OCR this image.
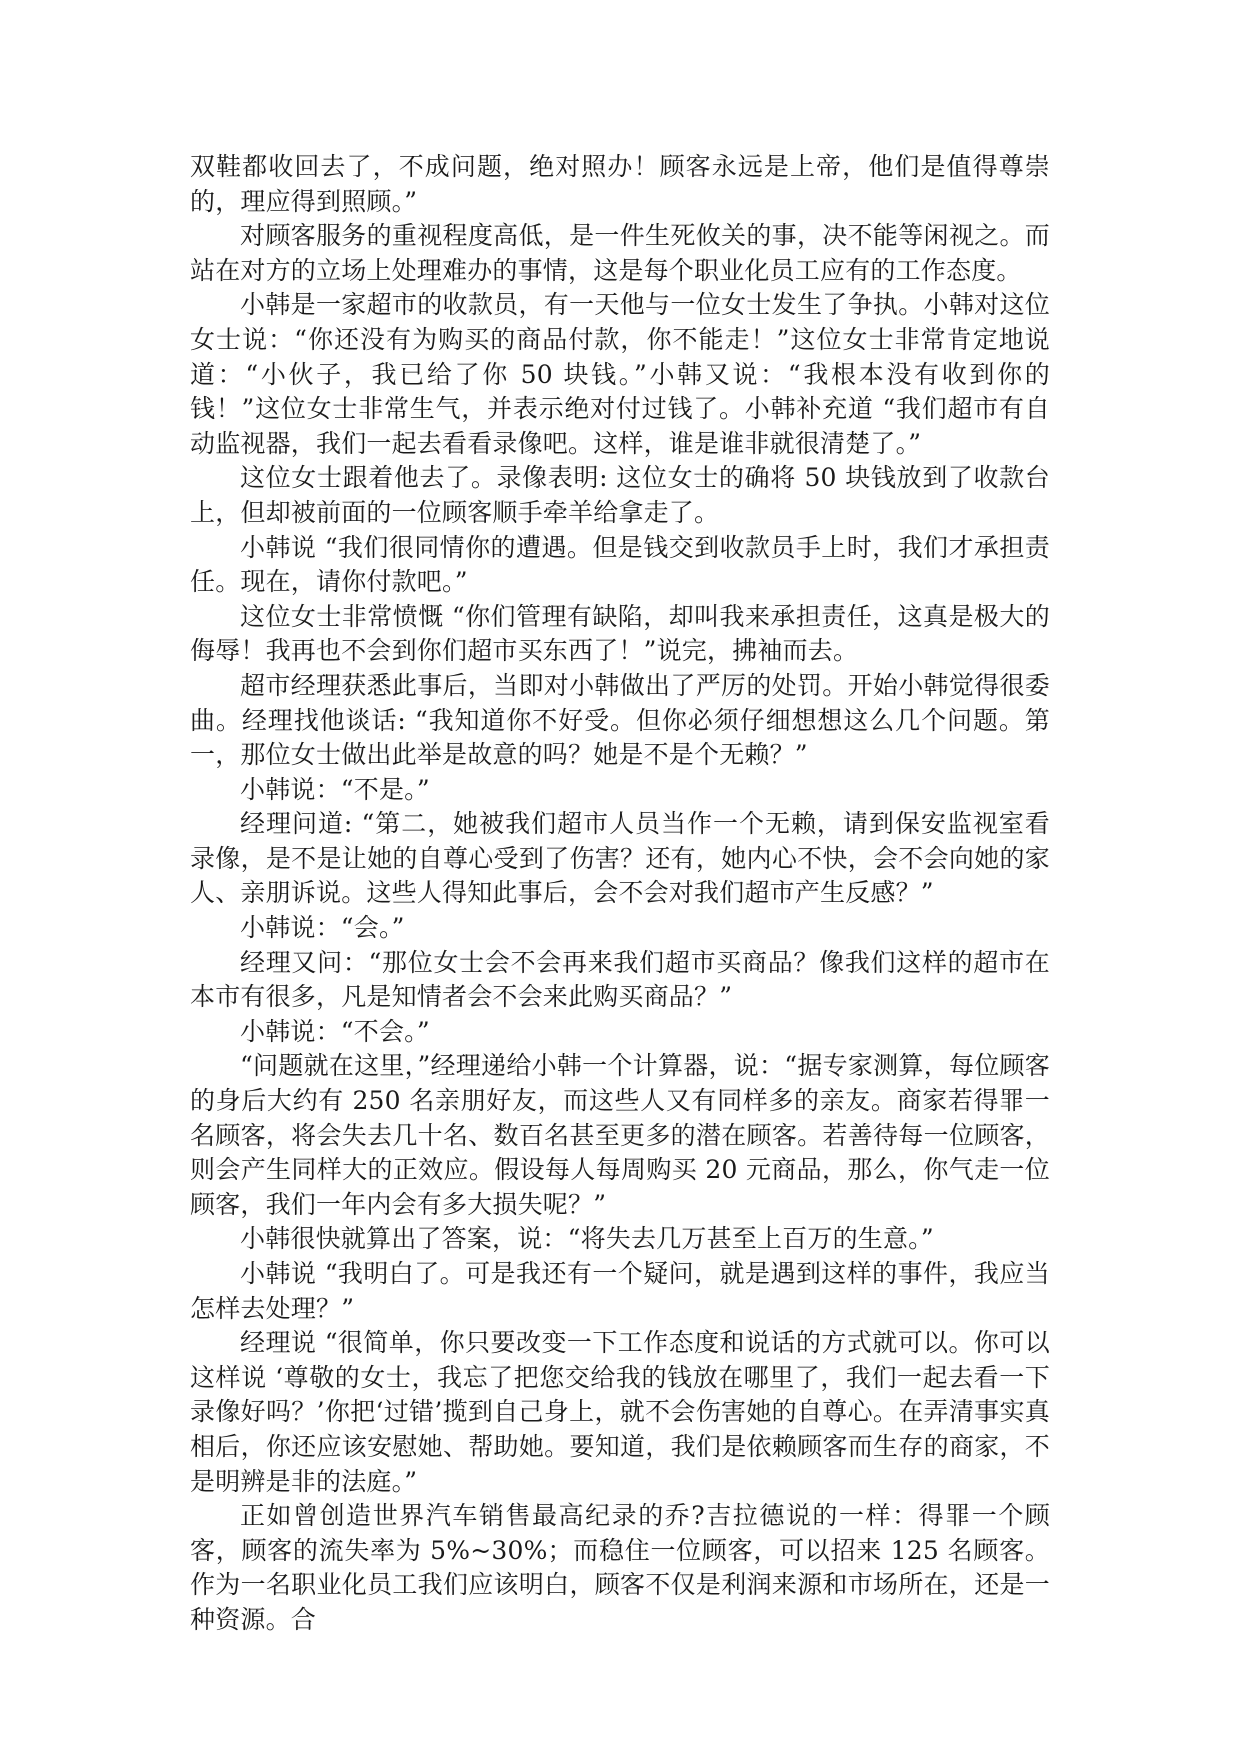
双鞋都收回去了，不成问题，绝对照办！顾客永远是上帝，他们是值得尊崇的，理应得到照顾。”

对顾客服务的重视程度高低，是一件生死攸关的事，决不能等闲视之。而站在对方的立场上处理难办的事情，这是每个职业化员工应有的工作态度。

小韩是一家超市的收款员，有一天他与一位女士发生了争执。小韩对这位女士说：“你还没有为购买的商品付款，你不能走！”这位女士非常肯定地说道：“小伙子，我已给了你 50 块钱。”小韩又说：“我根本没有收到你的钱！”这位女士非常生气，并表示绝对付过钱了。小韩补充道 “我们超市有自动监视器，我们一起去看看录像吧。这样，谁是谁非就很清楚了。”

这位女士跟着他去了。录像表明: 这位女士的确将 50 块钱放到了收款台上，但却被前面的一位顾客顺手牵羊给拿走了。

小韩说 “我们很同情你的遭遇。但是钱交到收款员手上时，我们才承担责任。现在，请你付款吧。”

这位女士非常愤慨 “你们管理有缺陷，却叫我来承担责任，这真是极大的侮辱！我再也不会到你们超市买东西了！”说完，拂袖而去。

超市经理获悉此事后，当即对小韩做出了严厉的处罚。开始小韩觉得很委曲。经理找他谈话: “我知道你不好受。但你必须仔细想想这么几个问题。第一，那位女士做出此举是故意的吗？她是不是个无赖？”

小韩说：“不是。”

经理问道: “第二，她被我们超市人员当作一个无赖，请到保安监视室看录像，是不是让她的自尊心受到了伤害？还有，她内心不快，会不会向她的家人、亲朋诉说。这些人得知此事后，会不会对我们超市产生反感？”

小韩说：“会。”

经理又问：“那位女士会不会再来我们超市买商品？像我们这样的超市在本市有很多，凡是知情者会不会来此购买商品？”

小韩说：“不会。”

“问题就在这里，”经理递给小韩一个计算器，说：“据专家测算，每位顾客的身后大约有 250 名亲朋好友，而这些人又有同样多的亲友。商家若得罪一名顾客，将会失去几十名、数百名甚至更多的潜在顾客。若善待每一位顾客，则会产生同样大的正效应。假设每人每周购买 20 元商品，那么，你气走一位顾客，我们一年内会有多大损失呢？”

小韩很快就算出了答案，说：“将失去几万甚至上百万的生意。”

小韩说 “我明白了。可是我还有一个疑问，就是遇到这样的事件，我应当怎样去处理？”

经理说 “很简单，你只要改变一下工作态度和说话的方式就可以。你可以这样说 ‘尊敬的女士，我忘了把您交给我的钱放在哪里了，我们一起去看一下录像好吗？’你把‘过错’揽到自己身上，就不会伤害她的自尊心。在弄清事实真相后，你还应该安慰她、帮助她。要知道，我们是依赖顾客而生存的商家，不是明辨是非的法庭。”

正如曾创造世界汽车销售最高纪录的乔?吉拉德说的一样：得罪一个顾客，顾客的流失率为 5%~30%；而稳住一位顾客，可以招来 125 名顾客。作为一名职业化员工我们应该明白，顾客不仅是利润来源和市场所在，还是一种资源。合
